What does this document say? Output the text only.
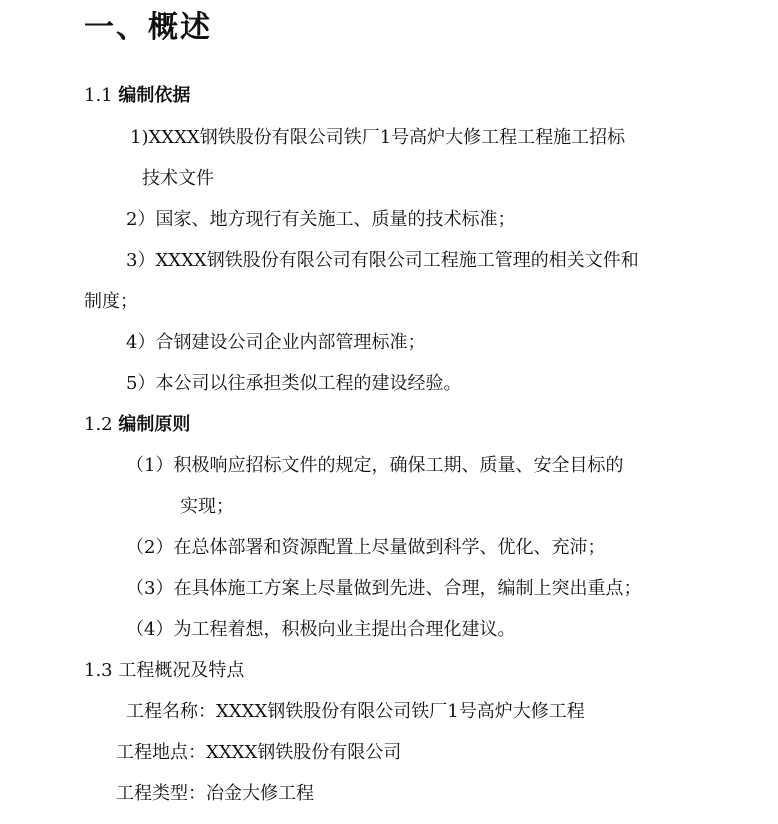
一、概述
1.1 编制依据
1)XXXX钢铁股份有限公司铁厂1号高炉大修工程工程施工招标
技术文件
2）国家、地方现行有关施工、质量的技术标准；
3）XXXX钢铁股份有限公司有限公司工程施工管理的相关文件和
制度；
4）合钢建设公司企业内部管理标准；
5）本公司以往承担类似工程的建设经验。
1.2 编制原则
（1）积极响应招标文件的规定，确保工期、质量、安全目标的
实现；
（2）在总体部署和资源配置上尽量做到科学、优化、充沛；
（3）在具体施工方案上尽量做到先进、合理，编制上突出重点；
（4）为工程着想，积极向业主提出合理化建议。
1.3 工程概况及特点
工程名称：XXXX钢铁股份有限公司铁厂1号高炉大修工程
工程地点：XXXX钢铁股份有限公司
工程类型：冶金大修工程
